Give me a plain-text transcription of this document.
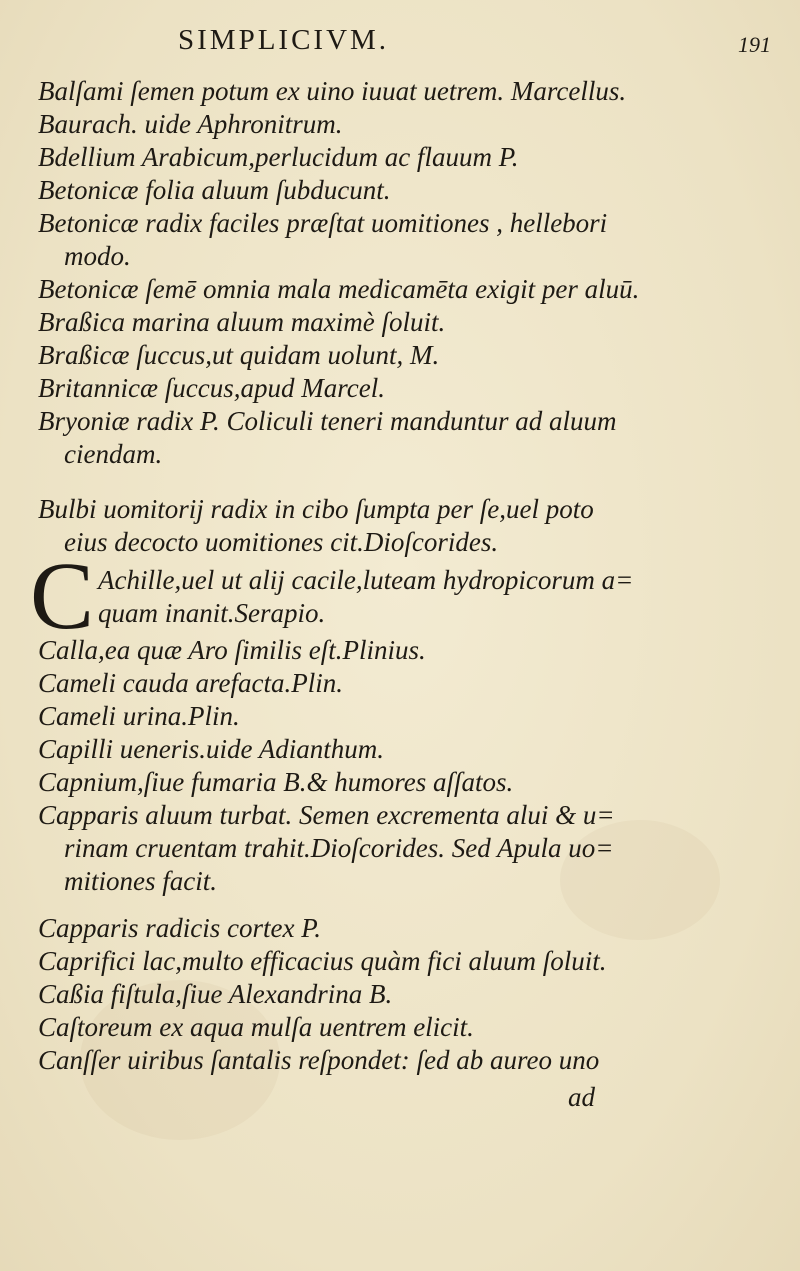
SIMPLICIVM.	191
C
Balſami ſemen potum ex uino iuuat uetrem. Marcellus.
Baurach. uide Aphronitrum.
Bdellium Arabicum,perlucidum ac flauum P.
Betonicæ folia aluum ſubducunt.
Betonicæ radix faciles præſtat uomitiones , hellebori
modo.
Betonicæ ſemē omnia mala medicamēta exigit per aluū.
Braßica marina aluum maximè ſoluit.
Braßicæ ſuccus,ut quidam uolunt, M.
Britannicæ ſuccus,apud Marcel.
Bryoniæ radix P. Coliculi teneri manduntur ad aluum
ciendam.
Bulbi uomitorij radix in cibo ſumpta per ſe,uel poto
eius decocto uomitiones cit.Dioſcorides.
Achille,uel ut alij cacile,luteam hydropicorum a=
quam inanit.Serapio.
Calla,ea quæ Aro ſimilis eſt.Plinius.
Cameli cauda arefacta.Plin.
Cameli urina.Plin.
Capilli ueneris.uide Adianthum.
Capnium,ſiue fumaria B.& humores aſſatos.
Capparis aluum turbat. Semen excrementa alui & u=
rinam cruentam trahit.Dioſcorides. Sed Apula uo=
mitiones facit.
Capparis radicis cortex P.
Caprifici lac,multo efficacius quàm fici aluum ſoluit.
Caßia fiſtula,ſiue Alexandrina B.
Caſtoreum ex aqua mulſa uentrem elicit.
Canſſer uiribus ſantalis reſpondet: ſed ab aureo uno
ad
